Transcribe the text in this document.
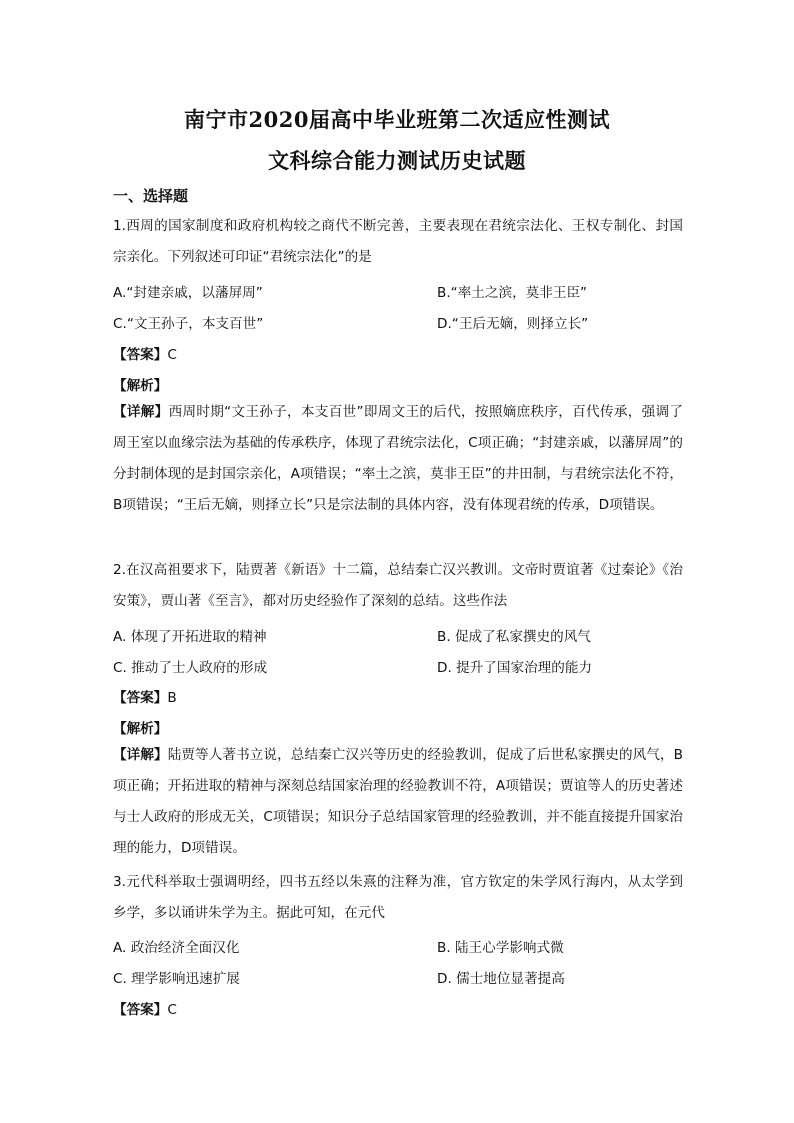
南宁市2020届高中毕业班第二次适应性测试
文科综合能力测试历史试题
一、选择题

1.西周的国家制度和政府机构较之商代不断完善，主要表现在君统宗法化、王权专制化、封国宗亲化。下列叙述可印证“君统宗法化”的是

A.“封建亲戚，以藩屏周”	B.“率土之滨，莫非王臣”
C.“文王孙子，本支百世”	D.“王后无嫡，则择立长”
【答案】C
【解析】

【详解】西周时期“文王孙子，本支百世”即周文王的后代，按照嫡庶秩序，百代传承，强调了周王室以血缘宗法为基础的传承秩序，体现了君统宗法化，C项正确；“封建亲戚，以藩屏周”的分封制体现的是封国宗亲化，A项错误；“率土之滨，莫非王臣”的井田制，与君统宗法化不符，B项错误；“王后无嫡，则择立长”只是宗法制的具体内容，没有体现君统的传承，D项错误。

2.在汉高祖要求下，陆贾著《新语》十二篇，总结秦亡汉兴教训。文帝时贾谊著《过秦论》《治安策》，贾山著《至言》，都对历史经验作了深刻的总结。这些作法

A. 体现了开拓进取的精神	B. 促成了私家撰史的风气
C. 推动了士人政府的形成	D. 提升了国家治理的能力
【答案】B
【解析】

【详解】陆贾等人著书立说，总结秦亡汉兴等历史的经验教训，促成了后世私家撰史的风气，B项正确；开拓进取的精神与深刻总结国家治理的经验教训不符，A项错误；贾谊等人的历史著述与士人政府的形成无关，C项错误；知识分子总结国家管理的经验教训，并不能直接提升国家治理的能力，D项错误。

3.元代科举取士强调明经，四书五经以朱熹的注释为准，官方钦定的朱学风行海内，从太学到乡学，多以诵讲朱学为主。据此可知，在元代

A. 政治经济全面汉化	B. 陆王心学影响式微
C. 理学影响迅速扩展	D. 儒士地位显著提高
【答案】C
